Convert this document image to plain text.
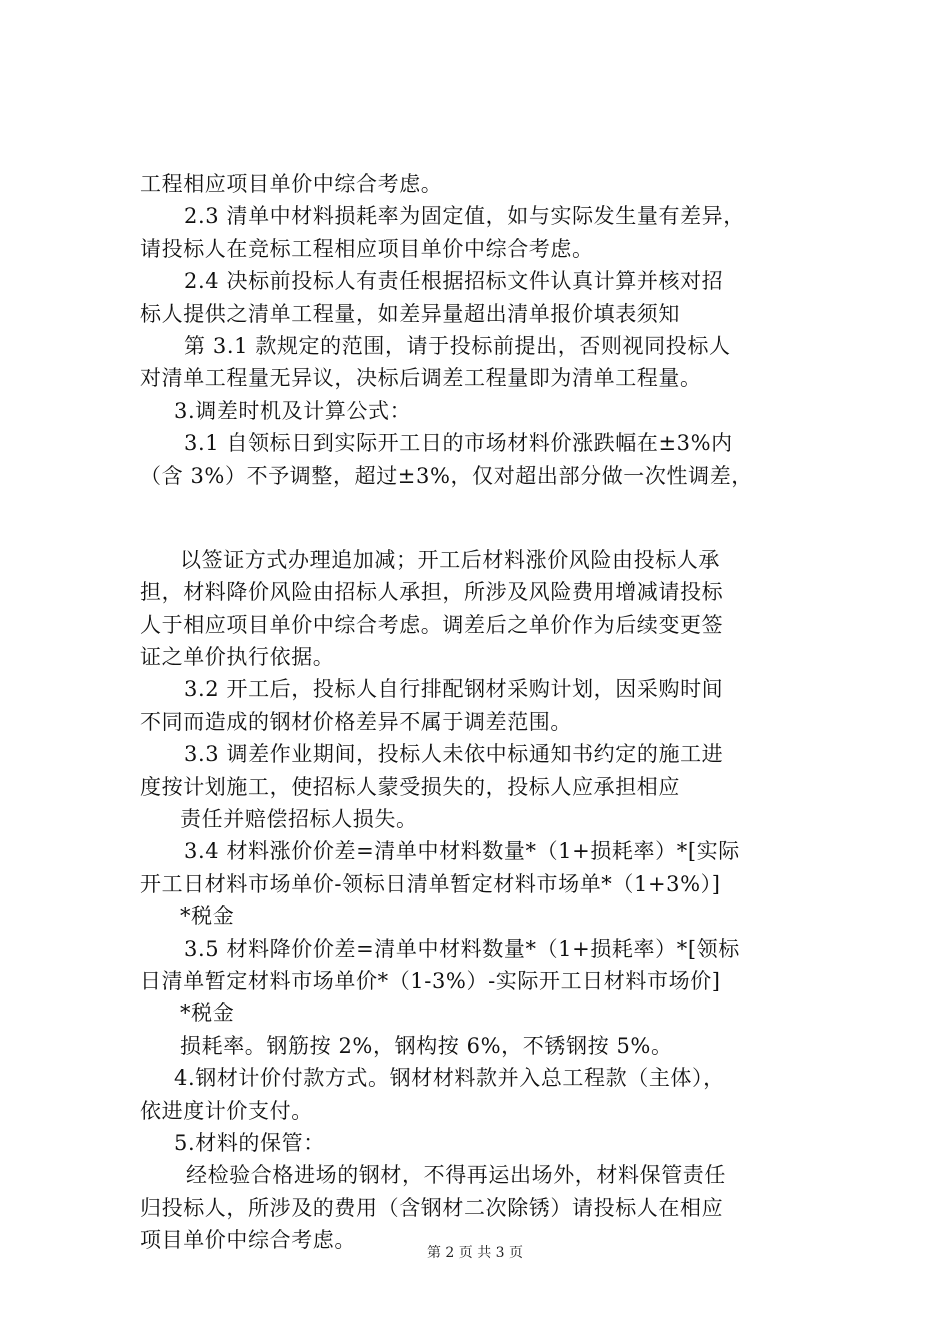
工程相应项目单价中综合考虑。
2.3 清单中材料损耗率为固定值，如与实际发生量有差异，
请投标人在竞标工程相应项目单价中综合考虑。
2.4 决标前投标人有责任根据招标文件认真计算并核对招
标人提供之清单工程量，如差异量超出清单报价填表须知
第 3.1 款规定的范围，请于投标前提出，否则视同投标人
对清单工程量无异议，决标后调差工程量即为清单工程量。
3.调差时机及计算公式：
3.1 自领标日到实际开工日的市场材料价涨跌幅在±3%内
（含 3%）不予调整，超过±3%，仅对超出部分做一次性调差，
以签证方式办理追加减；开工后材料涨价风险由投标人承
担，材料降价风险由招标人承担，所涉及风险费用增减请投标
人于相应项目单价中综合考虑。调差后之单价作为后续变更签
证之单价执行依据。
3.2 开工后，投标人自行排配钢材采购计划，因采购时间
不同而造成的钢材价格差异不属于调差范围。
3.3 调差作业期间，投标人未依中标通知书约定的施工进
度按计划施工，使招标人蒙受损失的，投标人应承担相应
责任并赔偿招标人损失。
3.4 材料涨价价差=清单中材料数量*（1+损耗率）*[实际
开工日材料市场单价-领标日清单暂定材料市场单*（1+3%）]
*税金
3.5 材料降价价差=清单中材料数量*（1+损耗率）*[领标
日清单暂定材料市场单价*（1-3%）-实际开工日材料市场价]
*税金
损耗率。钢筋按 2%，钢构按 6%，不锈钢按 5%。
4.钢材计价付款方式。钢材材料款并入总工程款（主体），
依进度计价支付。
5.材料的保管：
经检验合格进场的钢材，不得再运出场外，材料保管责任
归投标人，所涉及的费用（含钢材二次除锈）请投标人在相应
项目单价中综合考虑。
第 2 页 共 3 页
